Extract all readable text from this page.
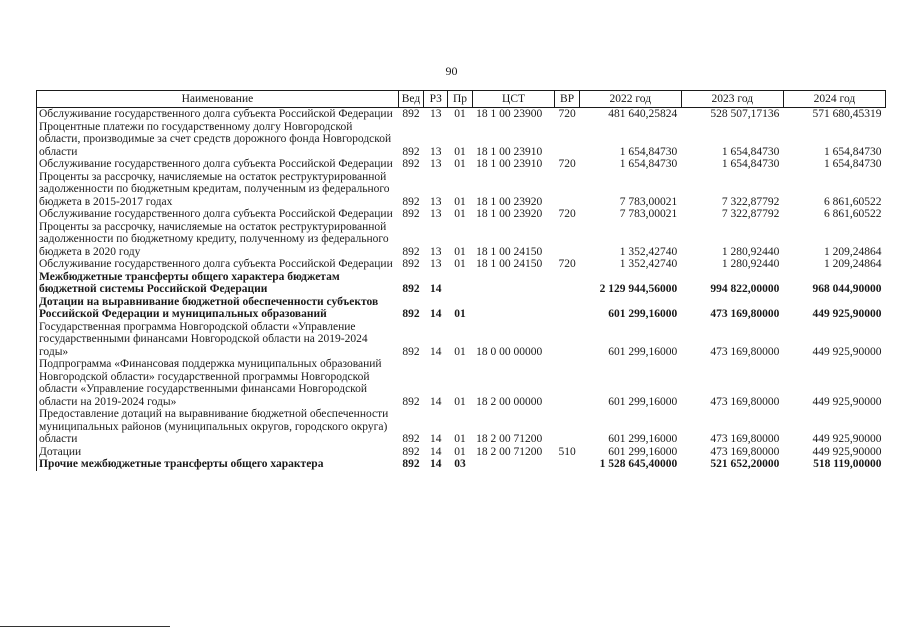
90
Наименование	Вед	РЗ	Пр	ЦСТ	ВР	2022 год	2023 год	2024 год
Обслуживание государственного долга субъекта Российской Федерации	892	13	01	18 1 00 23900	720	481 640,25824	528 507,17136	571 680,45319
Процентные платежи по государственному долгу Новгородской области, производимые за счет средств дорожного фонда Новгородской области	892	13	01	18 1 00 23910		1 654,84730	1 654,84730	1 654,84730
Обслуживание государственного долга субъекта Российской Федерации	892	13	01	18 1 00 23910	720	1 654,84730	1 654,84730	1 654,84730
Проценты за рассрочку, начисляемые на остаток реструктурированной задолженности по бюджетным кредитам, полученным из федерального бюджета в 2015-2017 годах	892	13	01	18 1 00 23920		7 783,00021	7 322,87792	6 861,60522
Обслуживание государственного долга субъекта Российской Федерации	892	13	01	18 1 00 23920	720	7 783,00021	7 322,87792	6 861,60522
Проценты за рассрочку, начисляемые на остаток реструктурированной задолженности по бюджетному кредиту, полученному из федерального бюджета в 2020 году	892	13	01	18 1 00 24150		1 352,42740	1 280,92440	1 209,24864
Обслуживание государственного долга субъекта Российской Федерации	892	13	01	18 1 00 24150	720	1 352,42740	1 280,92440	1 209,24864
Межбюджетные трансферты общего характера бюджетам бюджетной системы Российской Федерации	892	14				2 129 944,56000	994 822,00000	968 044,90000
Дотации на выравнивание бюджетной обеспеченности субъектов Российской Федерации и муниципальных образований	892	14	01			601 299,16000	473 169,80000	449 925,90000
Государственная программа Новгородской области «Управление государственными финансами Новгородской области на 2019-2024 годы»	892	14	01	18 0 00 00000		601 299,16000	473 169,80000	449 925,90000
Подпрограмма «Финансовая поддержка муниципальных образований Новгородской области» государственной программы Новгородской области «Управление государственными финансами Новгородской области на 2019-2024 годы»	892	14	01	18 2 00 00000		601 299,16000	473 169,80000	449 925,90000
Предоставление дотаций на выравнивание бюджетной обеспеченности муниципальных районов (муниципальных округов, городского округа) области	892	14	01	18 2 00 71200		601 299,16000	473 169,80000	449 925,90000
Дотации	892	14	01	18 2 00 71200	510	601 299,16000	473 169,80000	449 925,90000
Прочие межбюджетные трансферты общего характера	892	14	03			1 528 645,40000	521 652,20000	518 119,00000
